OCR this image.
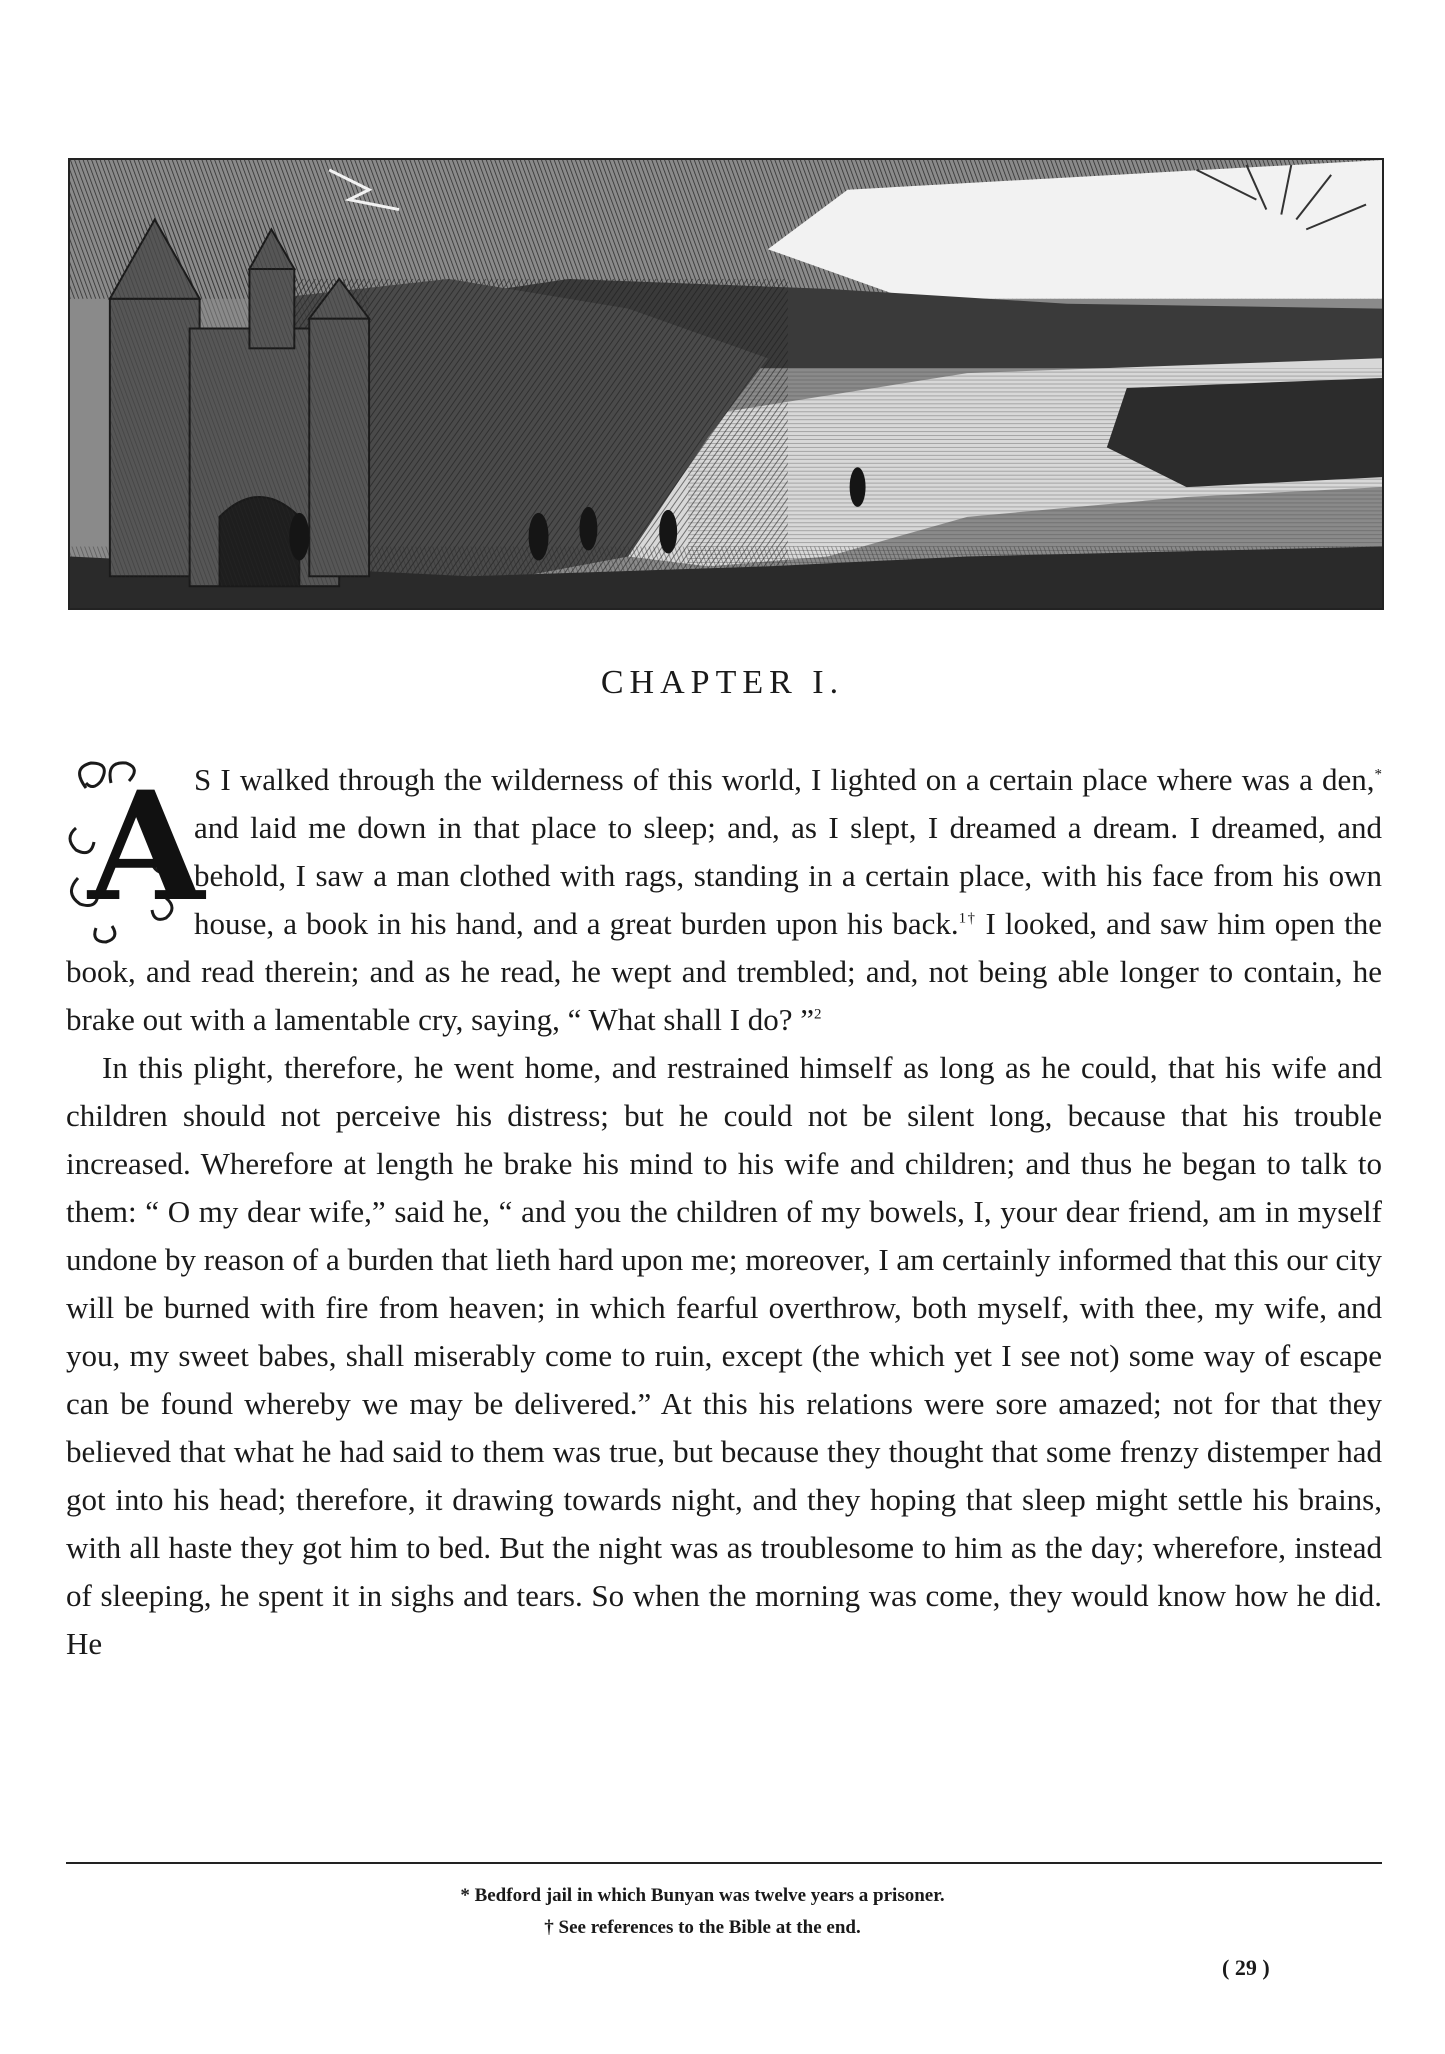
CHAPTER I.
A

S I walked through the wilderness of this world, I lighted on a certain place where was a den,* and laid me down in that place to sleep; and, as I slept, I dreamed a dream. I dreamed, and behold, I saw a man clothed with rags, standing in a certain place, with his face from his own house, a book in his hand, and a great burden upon his back.$^{1\dagger}$ I looked, and saw him open the book, and read therein; and as he read, he wept and trembled; and, not being able longer to contain, he brake out with a lamentable cry, saying, “ What shall I do? ”$^2$

In this plight, therefore, he went home, and restrained himself as long as he could, that his wife and children should not perceive his distress; but he could not be silent long, because that his trouble increased. Wherefore at length he brake his mind to his wife and children; and thus he began to talk to them: “ O my dear wife,” said he, “ and you the children of my bowels, I, your dear friend, am in myself undone by reason of a burden that lieth hard upon me; moreover, I am certainly informed that this our city will be burned with fire from heaven; in which fearful overthrow, both myself, with thee, my wife, and you, my sweet babes, shall miserably come to ruin, except (the which yet I see not) some way of escape can be found whereby we may be delivered.” At this his relations were sore amazed; not for that they believed that what he had said to them was true, but because they thought that some frenzy distemper had got into his head; therefore, it drawing towards night, and they hoping that sleep might settle his brains, with all haste they got him to bed. But the night was as troublesome to him as the day; wherefore, instead of sleeping, he spent it in sighs and tears. So when the morning was come, they would know how he did. He

* Bedford jail in which Bunyan was twelve years a prisoner.
† See references to the Bible at the end.
( 29 )
